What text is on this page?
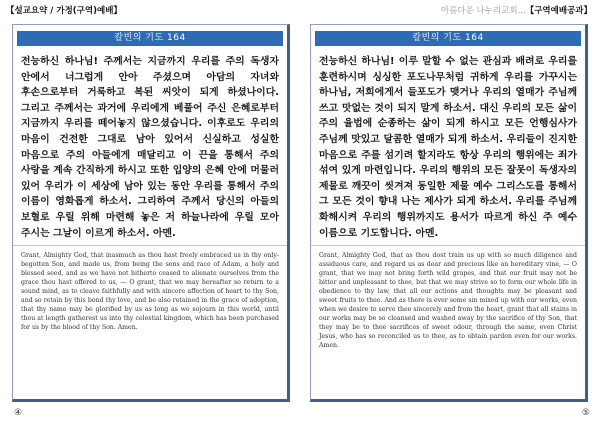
【설교요약 / 가정(구역)예배】
칼빈의 기도 164
전능하신 하나님! 주께서는 지금까지 우리를 주의 독생자 안에서 너그럽게 안아 주셨으며 아담의 자녀와 후손으로부터 거룩하고 복된 씨앗이 되게 하셨나이다. 그리고 주께서는 과거에 우리에게 베풀어 주신 은혜로부터 지금까지 우리를 떼어놓지 않으셨습니다. 이후로도 우리의 마음이 건전한 그대로 남아 있어서 신실하고 성실한 마음으로 주의 아들에게 매달리고 이 끈을 통해서 주의 사랑을 계속 간직하게 하시고 또한 입양의 은혜 안에 머물러 있어 우리가 이 세상에 남아 있는 동안 우리를 통해서 주의 이름이 영화롭게 하소서. 그리하여 주께서 당신의 아들의 보혈로 우릴 위해 마련해 놓은 저 하늘나라에 우릴 모아 주시는 그날이 이르게 하소서. 아멘.
Grant, Almighty God, that inasmuch as thou hast freely embraced us in thy only-begotten Son, and made us, from being the sons and race of Adam, a holy and blessed seed, and as we have not hitherto ceased to alienate ourselves from the grace thou hast offered to us, — O grant, that we may hereafter so return to a sound mind, as to cleave faithfully and with sincere affection of heart to thy Son, and so retain by this bond thy love, and be also retained in the grace of adoption, that thy name may be glorified by us as long as we sojourn in this world, until thou at length gatherest us into thy celestial kingdom, which has been purchased for us by the blood of thy Son. Amen.
④
아름다운 나누리교회...【구역예배공과】
칼빈의 기도 164
전능하신 하나님! 이루 말할 수 없는 관심과 배려로 우리를 훈련하시며 싱싱한 포도나무처럼 귀하게 우리를 가꾸시는 하나님, 저희에게서 들포도가 맺거나 우리의 열매가 주님께 쓰고 맛없는 것이 되지 말게 하소서. 대신 우리의 모든 삶이 주의 율법에 순종하는 삶이 되게 하시고 모든 언행심사가 주님께 맛있고 달콤한 열매가 되게 하소서. 우리들이 진지한 마음으로 주를 섬기려 할지라도 항상 우리의 행위에는 죄가 섞여 있게 마련입니다. 우리의 행위의 모든 잘못이 독생자의 제물로 깨끗이 씻겨져 동일한 제물 예수 그리스도를 통해서 그 모든 것이 향내 나는 제사가 되게 하소서. 우리를 주님께 화해시켜 우리의 행위까지도 용서가 따르게 하신 주 예수 이름으로 기도합니다. 아멘.
Grant, Almighty God, that as thou dost train us up with so much diligence and assiduous care, and regard us as dear and precious like an hereditary vine, — O grant, that we may not bring forth wild grapes, and that our fruit may not be bitter and unpleasant to thee, but that we may strive so to form our whole life in obedience to thy law, that all our actions and thoughts may be pleasant and sweet fruits to thee. And as there is ever some sin mixed up with our works, even when we desire to serve thee sincerely and from the heart, grant that all stains in our works may be so cleansed and washed away by the sacrifice of thy Son, that they may be to thee sacrifices of sweet odour, through the same, even Christ Jesus, who has so reconciled us to thee, as to obtain pardon even for our works. Amen.
⑤
